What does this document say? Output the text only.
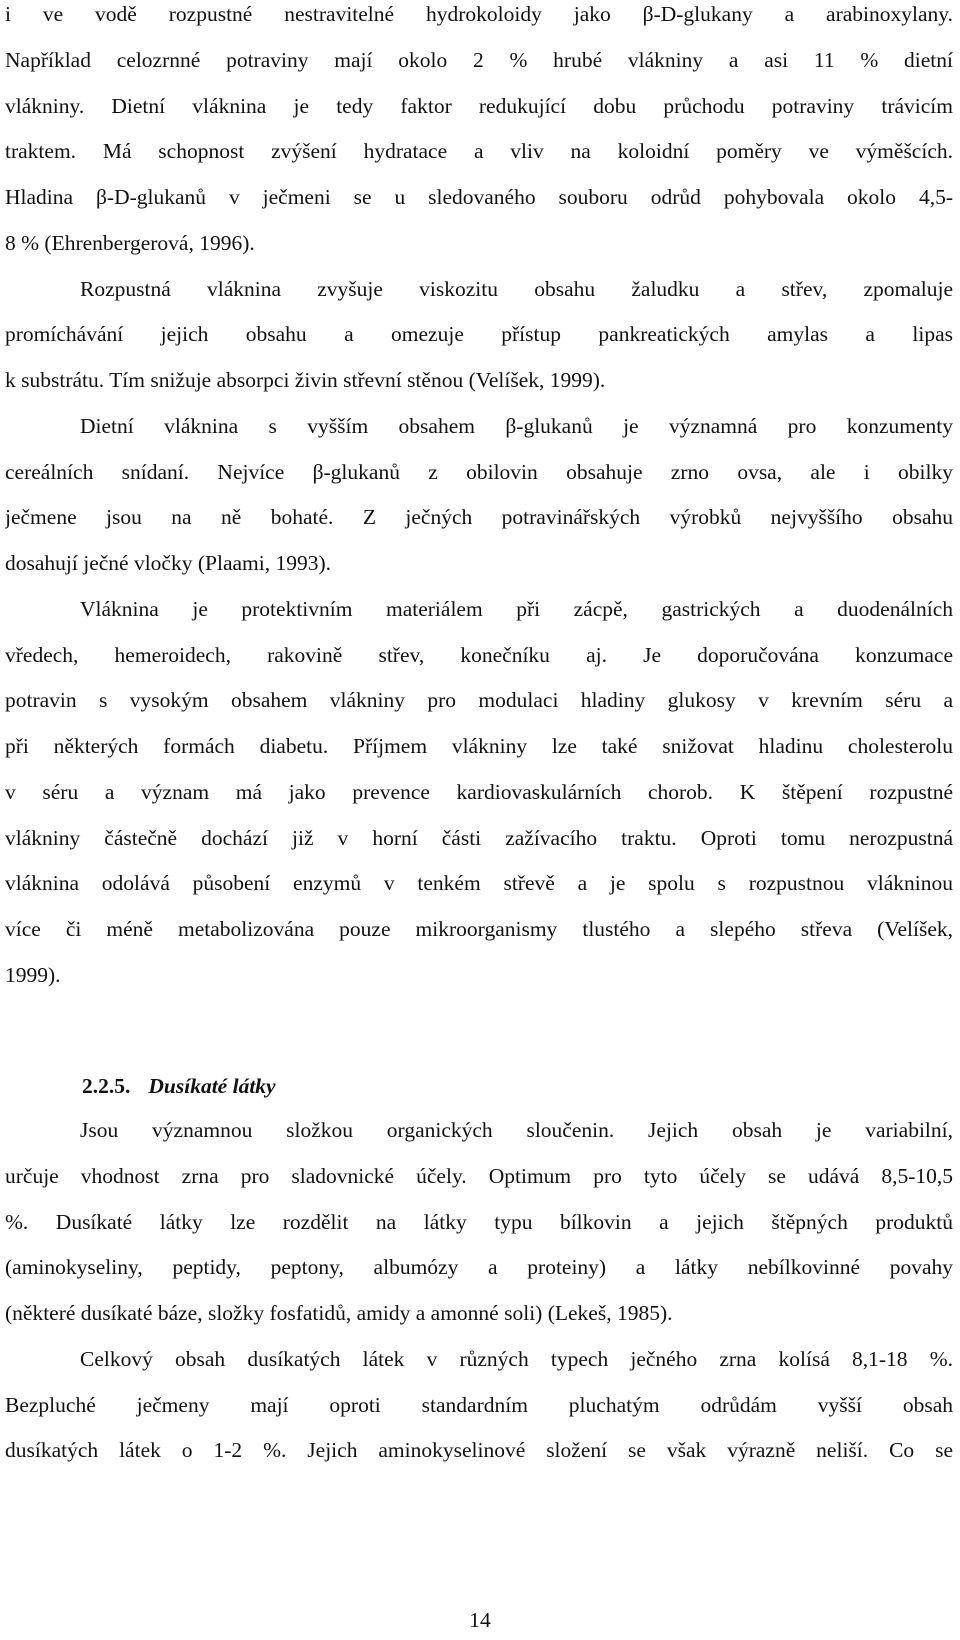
i ve vodě rozpustné nestravitelné hydrokoloidy jako β-D-glukany a arabinoxylany.
Například celozrnné potraviny mají okolo 2 % hrubé vlákniny a asi 11 % dietní
vlákniny. Dietní vláknina je tedy faktor redukující dobu průchodu potraviny trávicím
traktem. Má schopnost zvýšení hydratace a vliv na koloidní poměry ve výměšcích.
Hladina β-D-glukanů v ječmeni se u sledovaného souboru odrůd pohybovala okolo 4,5-
8 % (Ehrenbergerová, 1996).
Rozpustná vláknina zvyšuje viskozitu obsahu žaludku a střev, zpomaluje
promíchávání jejich obsahu a omezuje přístup pankreatických amylas a lipas
k substrátu. Tím snižuje absorpci živin střevní stěnou (Velíšek, 1999).
Dietní vláknina s vyšším obsahem β-glukanů je významná pro konzumenty
cereálních snídaní. Nejvíce β-glukanů z obilovin obsahuje zrno ovsa, ale i obilky
ječmene jsou na ně bohaté. Z ječných potravinářských výrobků nejvyššího obsahu
dosahují ječné vločky (Plaami, 1993).
Vláknina je protektivním materiálem při zácpě, gastrických a duodenálních
vředech, hemeroidech, rakovině střev, konečníku aj. Je doporučována konzumace
potravin s vysokým obsahem vlákniny pro modulaci hladiny glukosy v krevním séru a
při některých formách diabetu. Příjmem vlákniny lze také snižovat hladinu cholesterolu
v séru a význam má jako prevence kardiovaskulárních chorob. K štěpení rozpustné
vlákniny částečně dochází již v horní části zažívacího traktu. Oproti tomu nerozpustná
vláknina odolává působení enzymů v tenkém střevě a je spolu s rozpustnou vlákninou
více či méně metabolizována pouze mikroorganismy tlustého a slepého střeva (Velíšek,
1999).
2.2.5. Dusíkaté látky
Jsou významnou složkou organických sloučenin. Jejich obsah je variabilní,
určuje vhodnost zrna pro sladovnické účely. Optimum pro tyto účely se udává 8,5-10,5
%. Dusíkaté látky lze rozdělit na látky typu bílkovin a jejich štěpných produktů
(aminokyseliny, peptidy, peptony, albumózy a proteiny) a látky nebílkovinné povahy
(některé dusíkaté báze, složky fosfatidů, amidy a amonné soli) (Lekeš, 1985).
Celkový obsah dusíkatých látek v různých typech ječného zrna kolísá 8,1-18 %.
Bezpluché ječmeny mají oproti standardním pluchatým odrůdám vyšší obsah
dusíkatých látek o 1-2 %. Jejich aminokyselinové složení se však výrazně neliší. Co se
14
